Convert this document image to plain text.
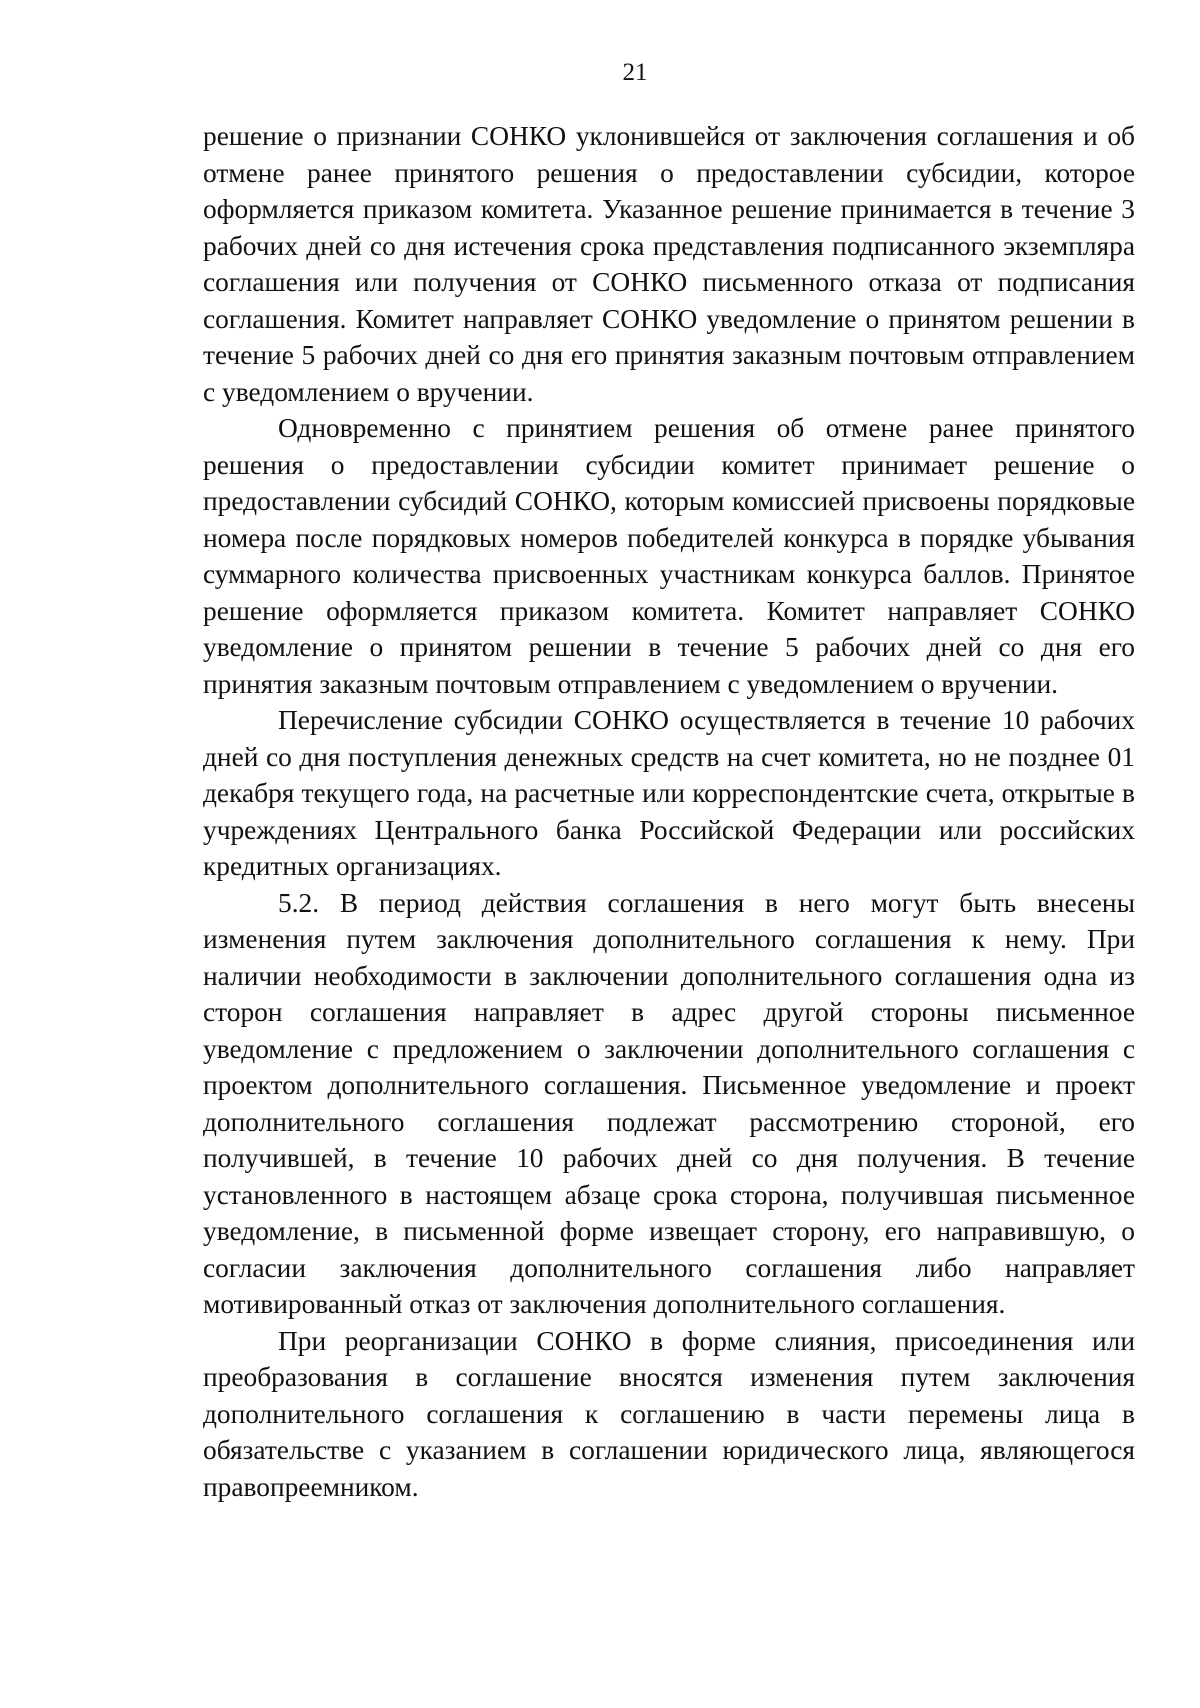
21

решение о признании СОНКО уклонившейся от заключения соглашения и об отмене ранее принятого решения о предоставлении субсидии, которое оформляется приказом комитета. Указанное решение принимается в течение 3 рабочих дней со дня истечения срока представления подписанного экземпляра соглашения или получения от СОНКО письменного отказа от подписания соглашения. Комитет направляет СОНКО уведомление о принятом решении в течение 5 рабочих дней со дня его принятия заказным почтовым отправлением с уведомлением о вручении.

Одновременно с принятием решения об отмене ранее принятого решения о предоставлении субсидии комитет принимает решение о предоставлении субсидий СОНКО, которым комиссией присвоены порядковые номера после порядковых номеров победителей конкурса в порядке убывания суммарного количества присвоенных участникам конкурса баллов. Принятое решение оформляется приказом комитета. Комитет направляет СОНКО уведомление о принятом решении в течение 5 рабочих дней со дня его принятия заказным почтовым отправлением с уведомлением о вручении.

Перечисление субсидии СОНКО осуществляется в течение 10 рабочих дней со дня поступления денежных средств на счет комитета, но не позднее 01 декабря текущего года, на расчетные или корреспондентские счета, открытые в учреждениях Центрального банка Российской Федерации или российских кредитных организациях.

5.2. В период действия соглашения в него могут быть внесены изменения путем заключения дополнительного соглашения к нему. При наличии необходимости в заключении дополнительного соглашения одна из сторон соглашения направляет в адрес другой стороны письменное уведомление с предложением о заключении дополнительного соглашения с проектом дополнительного соглашения. Письменное уведомление и проект дополнительного соглашения подлежат рассмотрению стороной, его получившей, в течение 10 рабочих дней со дня получения. В течение установленного в настоящем абзаце срока сторона, получившая письменное уведомление, в письменной форме извещает сторону, его направившую, о согласии заключения дополнительного соглашения либо направляет мотивированный отказ от заключения дополнительного соглашения.

При реорганизации СОНКО в форме слияния, присоединения или преобразования в соглашение вносятся изменения путем заключения дополнительного соглашения к соглашению в части перемены лица в обязательстве с указанием в соглашении юридического лица, являющегося правопреемником.
